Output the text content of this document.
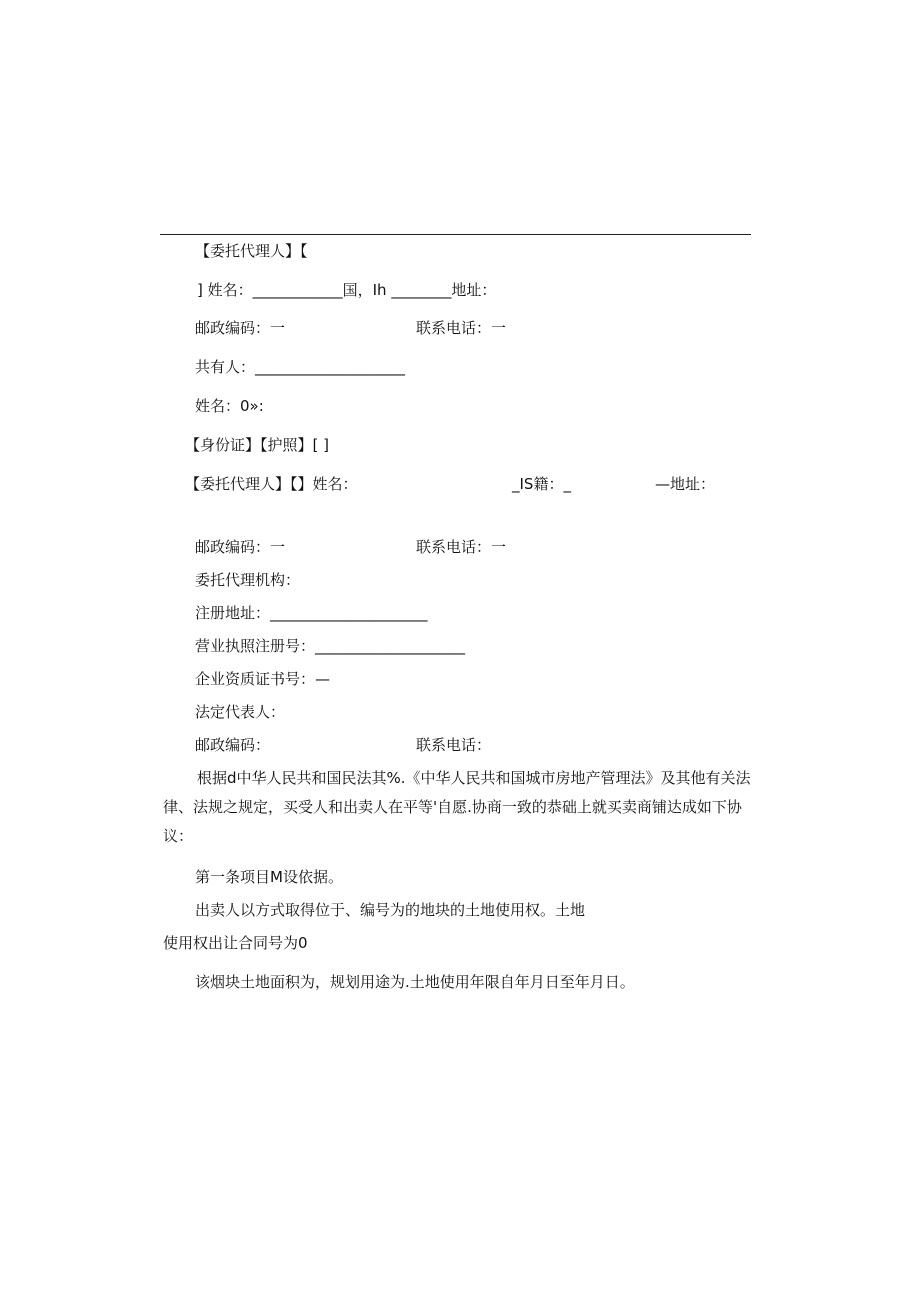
【委托代理人】【
] 姓名：____________国，Ih ________地址：
邮政编码：一	联系电话：一
共有人：____________________
姓名：0»:
【身份证】【护照】[ ]
【委托代理人】【】姓名：	_IS籍：_	—地址：
邮政编码：一	联系电话：一
委托代理机构：
注册地址：_____________________
营业执照注册号：____________________
企业资质证书号：—
法定代表人：
邮政编码：	联系电话：
根据d中华人民共和国民法其%.《中华人民共和国城市房地产管理法》及其他有关法律、法规之规定，买受人和出卖人在平等'自愿.协商一致的恭础上就买卖商铺达成如下协议：
第一条项目M设依据。
出卖人以方式取得位于、编号为的地块的土地使用权。土地
使用权出让合同号为0
该烟块土地面积为，规划用途为.土地使用年限自年月日至年月日。
